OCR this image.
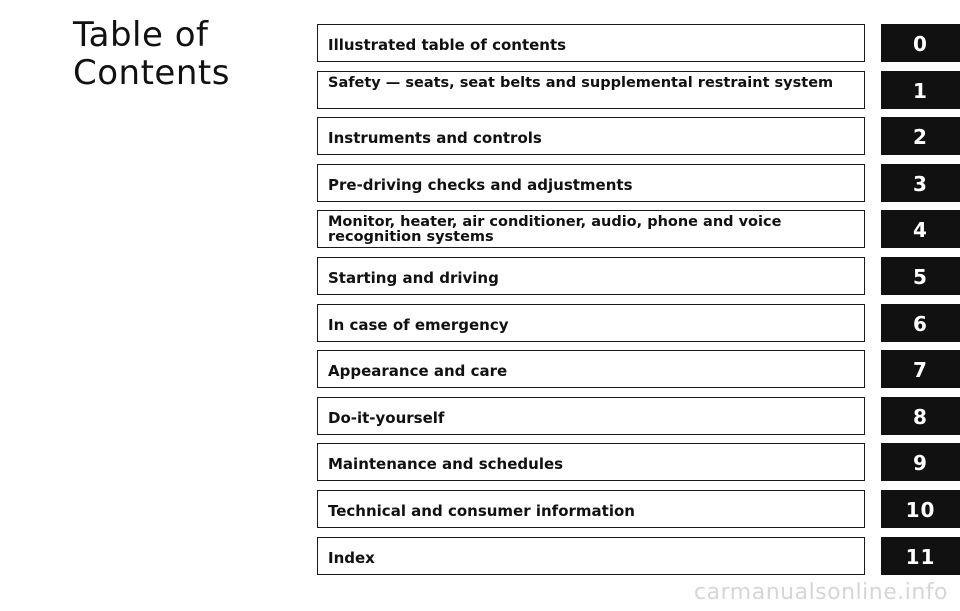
Table of
Contents
Illustrated table of contents	0
Safety — seats, seat belts and supplemental restraint system	1
Instruments and controls	2
Pre-driving checks and adjustments	3
Monitor, heater, air conditioner, audio, phone and voice recognition systems	4
Starting and driving	5
In case of emergency	6
Appearance and care	7
Do-it-yourself	8
Maintenance and schedules	9
Technical and consumer information	10
Index	11
carmanualsonline.info
